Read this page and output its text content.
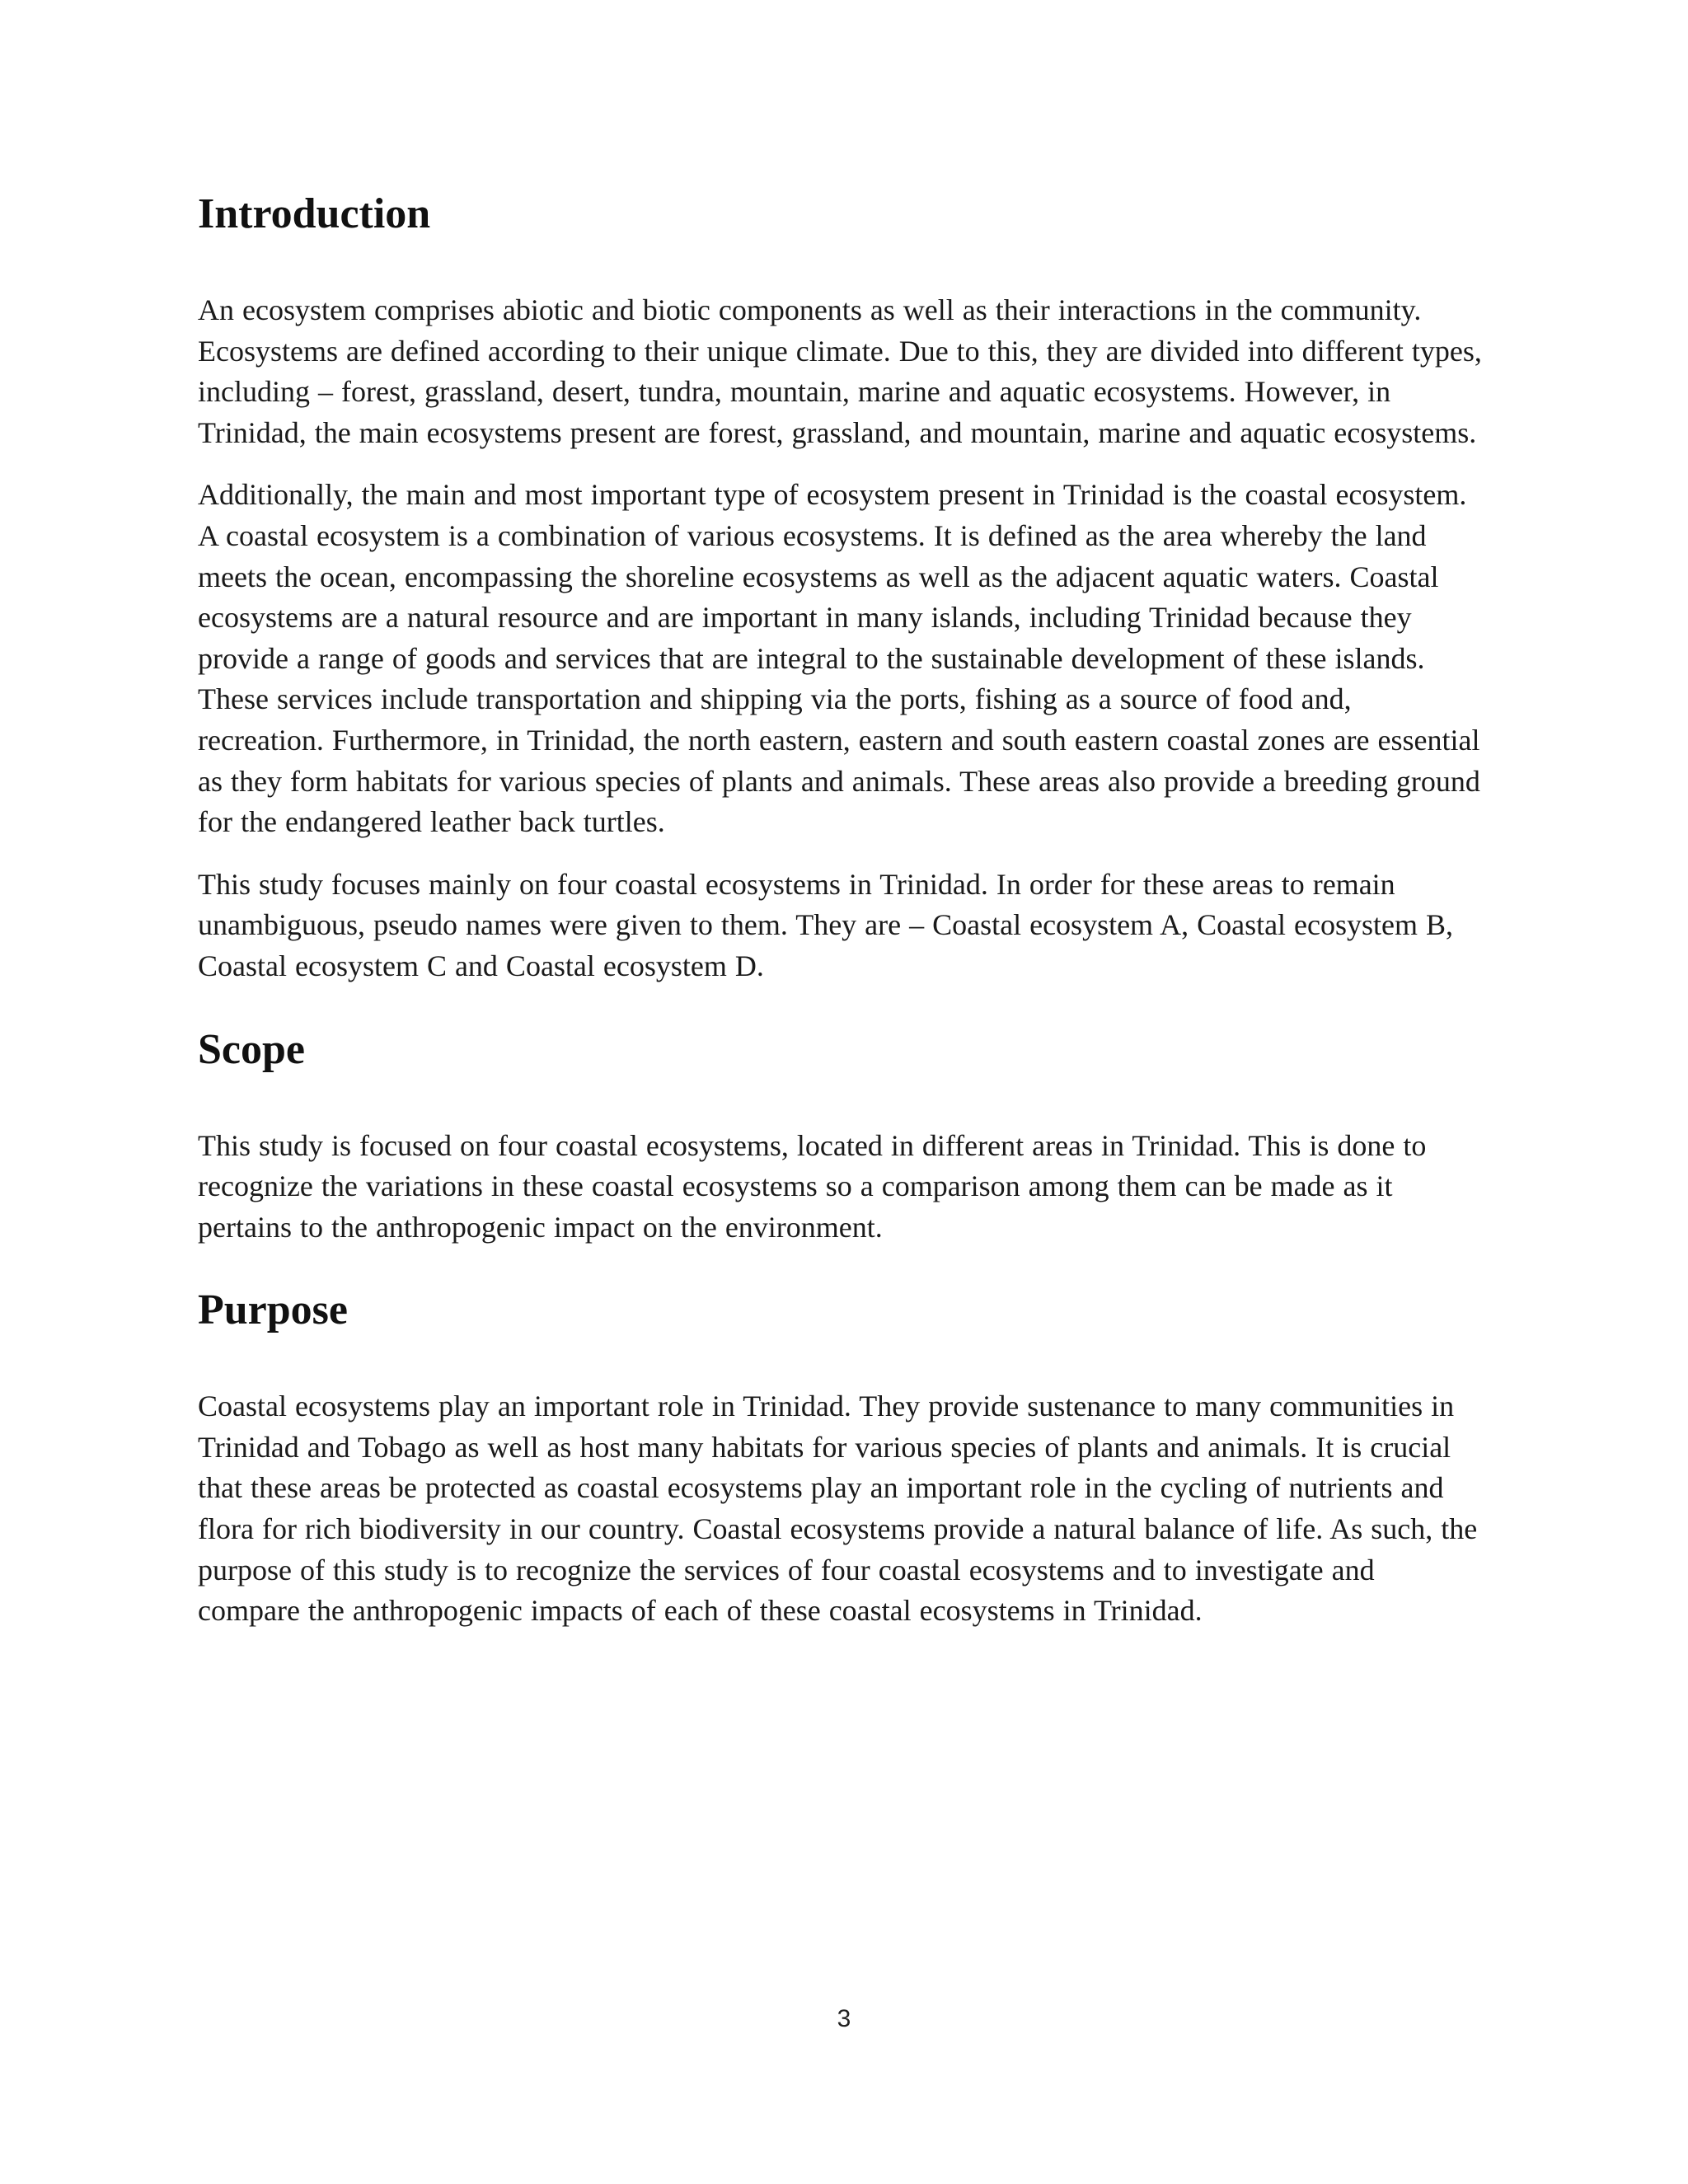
Introduction

An ecosystem comprises abiotic and biotic components as well as their interactions in the community. Ecosystems are defined according to their unique climate. Due to this, they are divided into different types, including – forest, grassland, desert, tundra, mountain, marine and aquatic ecosystems. However, in Trinidad, the main ecosystems present are forest, grassland, and mountain, marine and aquatic ecosystems.

Additionally, the main and most important type of ecosystem present in Trinidad is the coastal ecosystem. A coastal ecosystem is a combination of various ecosystems. It is defined as the area whereby the land meets the ocean, encompassing the shoreline ecosystems as well as the adjacent aquatic waters. Coastal ecosystems are a natural resource and are important in many islands, including Trinidad because they provide a range of goods and services that are integral to the sustainable development of these islands. These services include transportation and shipping via the ports, fishing as a source of food and, recreation. Furthermore, in Trinidad, the north eastern, eastern and south eastern coastal zones are essential as they form habitats for various species of plants and animals. These areas also provide a breeding ground for the endangered leather back turtles.

This study focuses mainly on four coastal ecosystems in Trinidad. In order for these areas to remain unambiguous, pseudo names were given to them. They are – Coastal ecosystem A, Coastal ecosystem B, Coastal ecosystem C and Coastal ecosystem D.

Scope

This study is focused on four coastal ecosystems, located in different areas in Trinidad. This is done to recognize the variations in these coastal ecosystems so a comparison among them can be made as it pertains to the anthropogenic impact on the environment.

Purpose

Coastal ecosystems play an important role in Trinidad. They provide sustenance to many communities in Trinidad and Tobago as well as host many habitats for various species of plants and animals. It is crucial that these areas be protected as coastal ecosystems play an important role in the cycling of nutrients and flora for rich biodiversity in our country. Coastal ecosystems provide a natural balance of life. As such, the purpose of this study is to recognize the services of four coastal ecosystems and to investigate and compare the anthropogenic impacts of each of these coastal ecosystems in Trinidad.

3
